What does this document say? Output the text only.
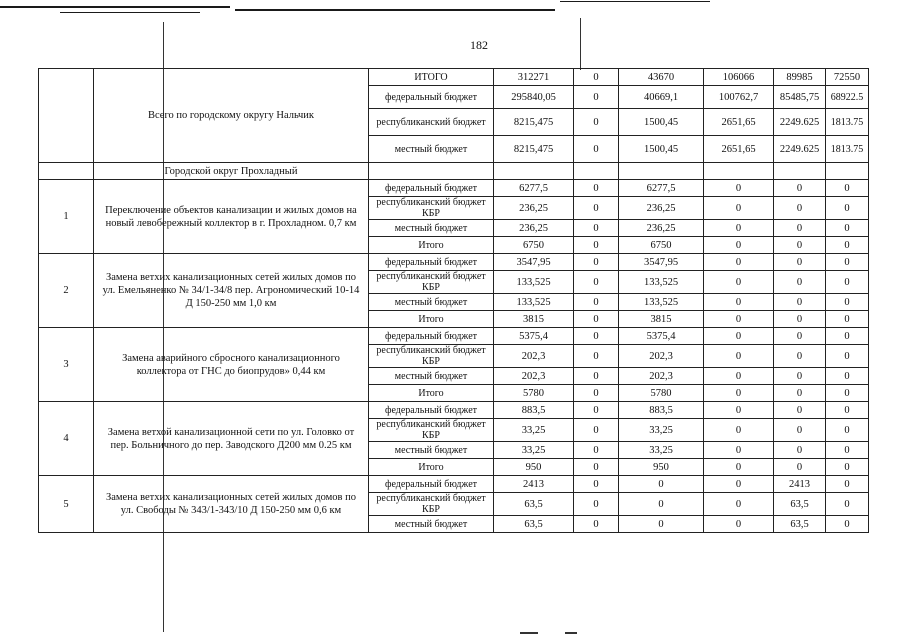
182
	Всего по городскому округу Нальчик	ИТОГО	312271	0	43670	106066	89985	72550
		федеральный бюджет	295840,05	0	40669,1	100762,7	85485,75	68922.5
		республиканский бюджет	8215,475	0	1500,45	2651,65	2249.625	1813.75
		местный бюджет	8215,475	0	1500,45	2651,65	2249.625	1813.75
	Городской округ Прохладный							
1	Переключение объектов канализации и жилых домов на новый левобережный коллектор в г. Прохладном. 0,7 км	федеральный бюджет	6277,5	0	6277,5	0	0	0
		республиканский бюджет КБР	236,25	0	236,25	0	0	0
		местный бюджет	236,25	0	236,25	0	0	0
		Итого	6750	0	6750	0	0	0
2	Замена ветхих канализационных сетей жилых домов по ул. Емельяненко № 34/1-34/8 пер. Агрономический 10-14 Д 150-250 мм 1,0 км	федеральный бюджет	3547,95	0	3547,95	0	0	0
		республиканский бюджет КБР	133,525	0	133,525	0	0	0
		местный бюджет	133,525	0	133,525	0	0	0
		Итого	3815	0	3815	0	0	0
3	Замена аварийного сбросного канализационного коллектора от ГНС до биопрудов» 0,44 км	федеральный бюджет	5375,4	0	5375,4	0	0	0
		республиканский бюджет КБР	202,3	0	202,3	0	0	0
		местный бюджет	202,3	0	202,3	0	0	0
		Итого	5780	0	5780	0	0	0
4	Замена ветхой канализационной сети по ул. Головко от пер. Больничного до пер. Заводского Д200 мм 0.25 км	федеральный бюджет	883,5	0	883,5	0	0	0
		республиканский бюджет КБР	33,25	0	33,25	0	0	0
		местный бюджет	33,25	0	33,25	0	0	0
		Итого	950	0	950	0	0	0
5	Замена ветхих канализационных сетей жилых домов по ул. Свободы № 343/1-343/10 Д 150-250 мм 0,6 км	федеральный бюджет	2413	0	0	0	2413	0
		республиканский бюджет КБР	63,5	0	0	0	63,5	0
		местный бюджет	63,5	0	0	0	63,5	0
